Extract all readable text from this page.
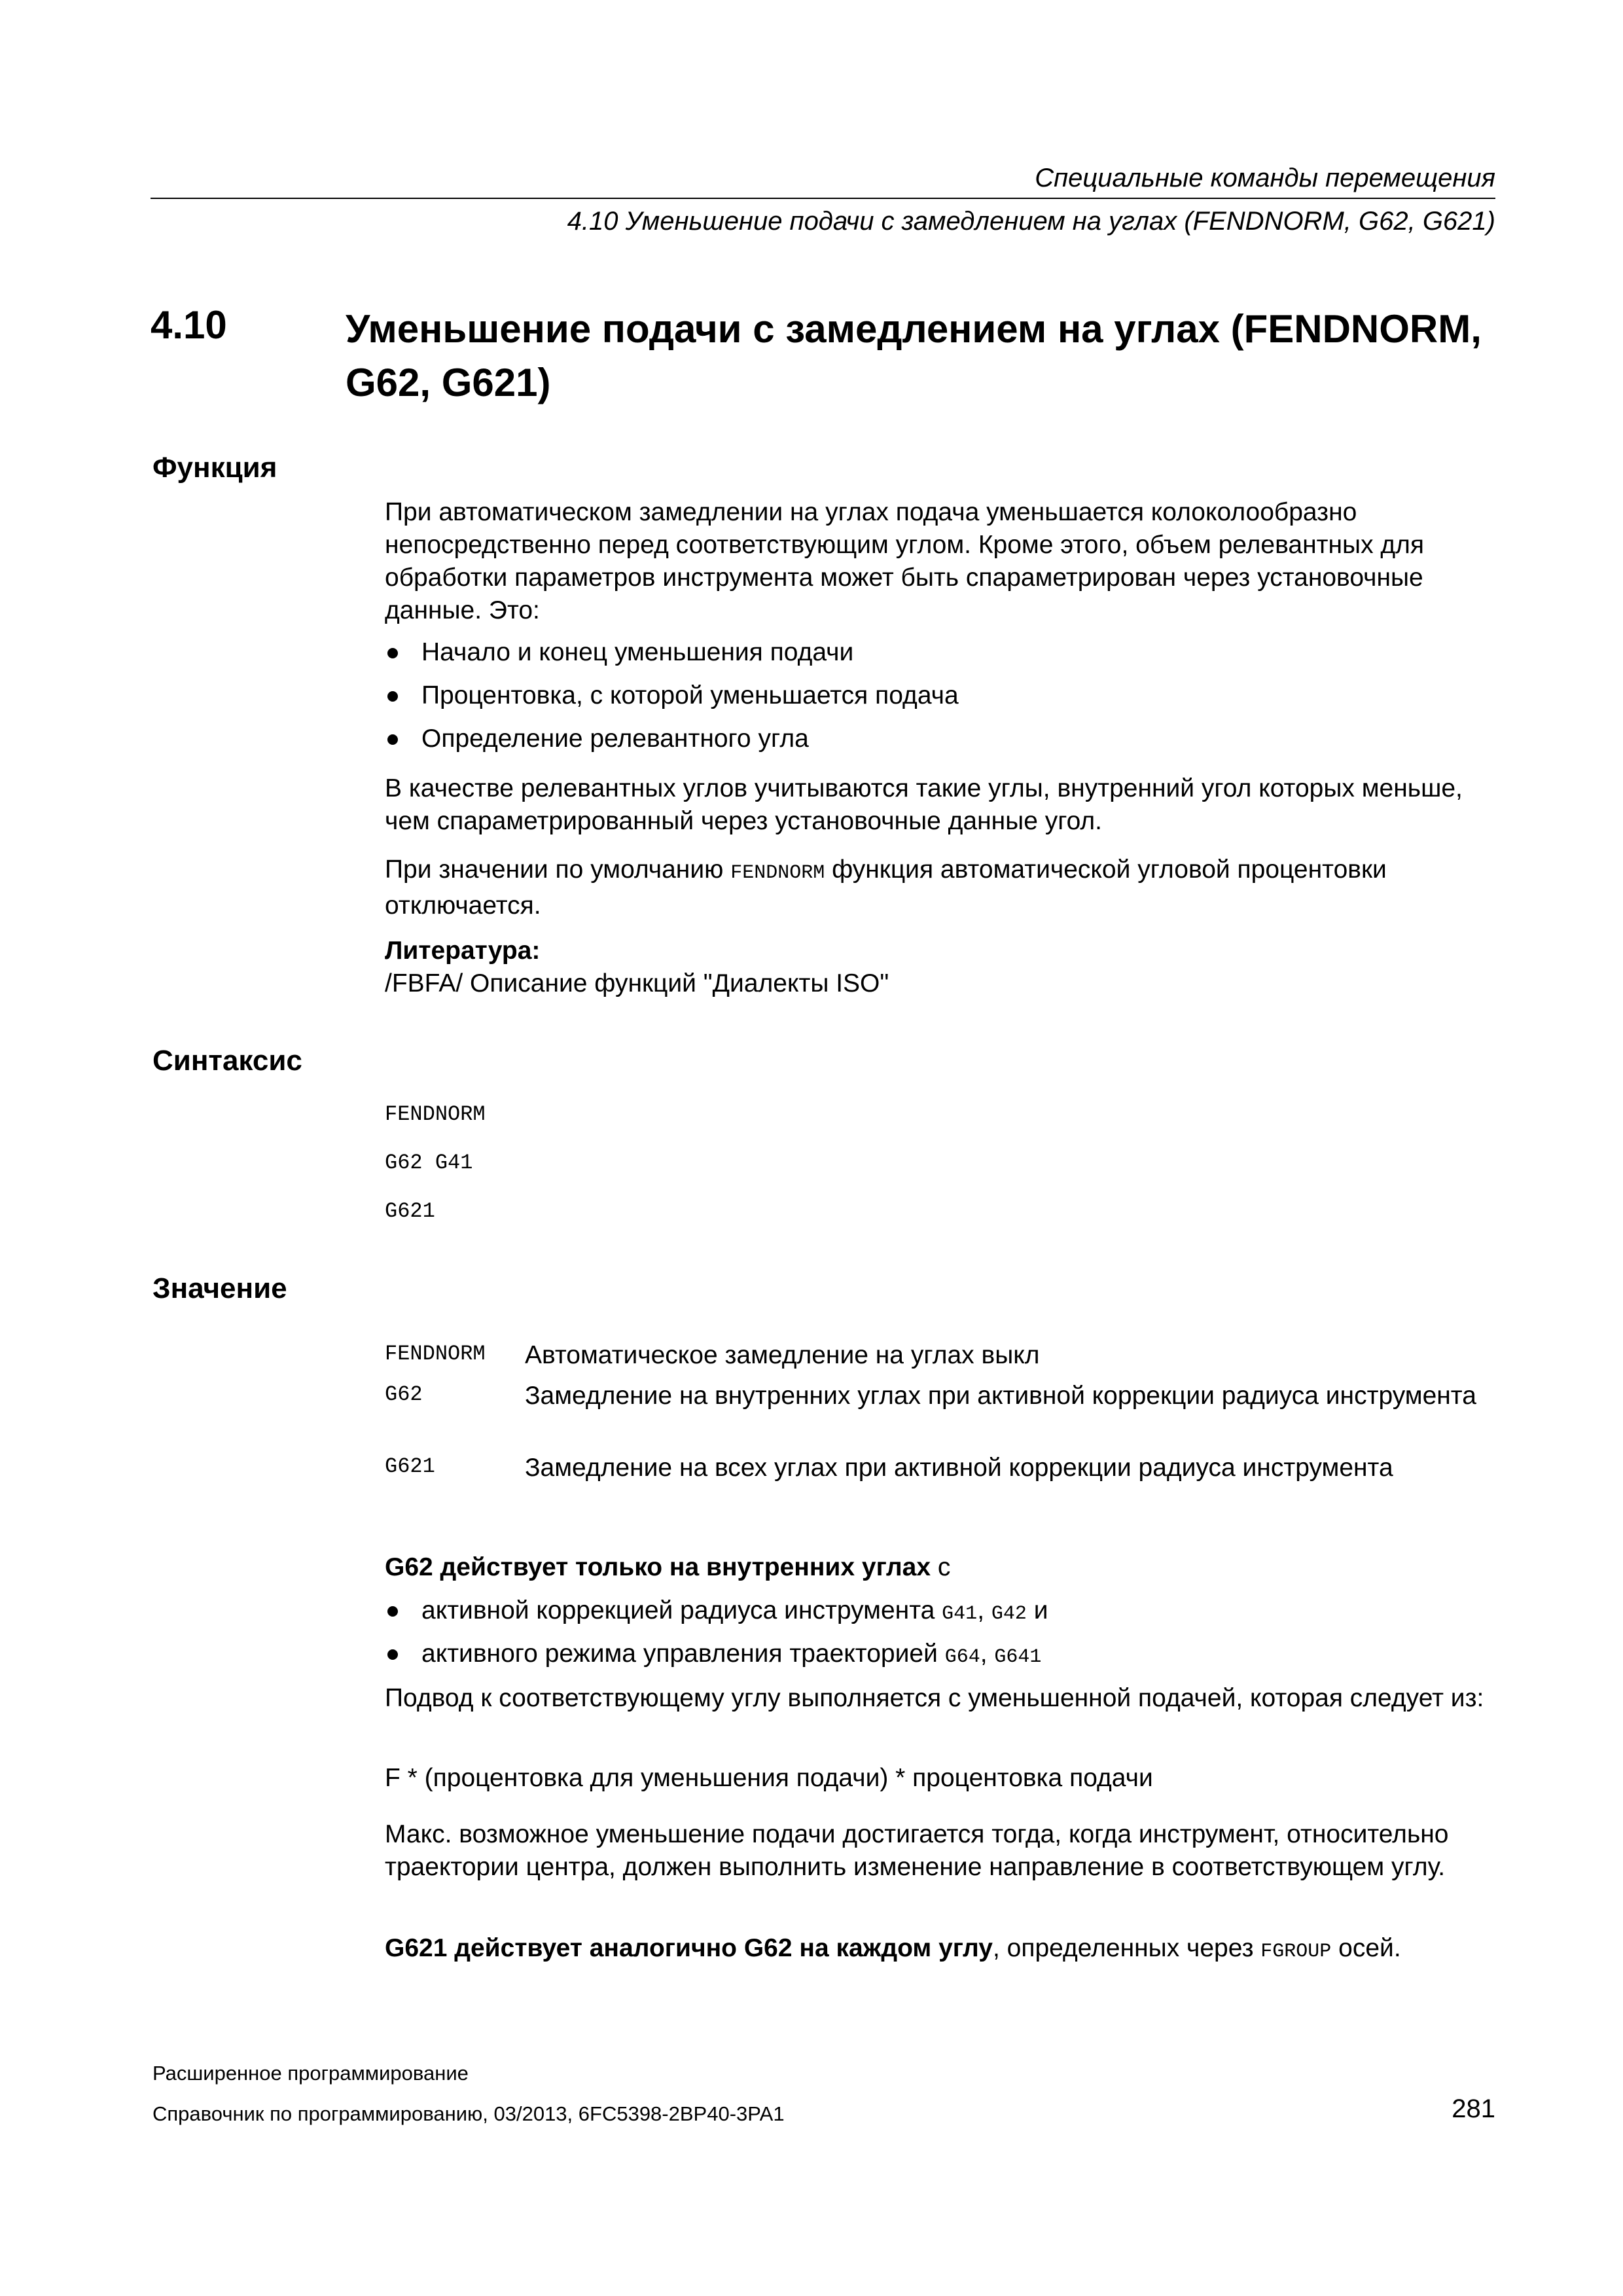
Специальные команды перемещения
4.10 Уменьшение подачи с замедлением на углах (FENDNORM, G62, G621)
4.10	Уменьшение подачи с замедлением на углах (FENDNORM, G62, G621)
Функция

При автоматическом замедлении на углах подача уменьшается колоколообразно непосредственно перед соответствующим углом. Кроме этого, объем релевантных для обработки параметров инструмента может быть спараметрирован через установочные данные. Это:

Начало и конец уменьшения подачи
Процентовка, с которой уменьшается подача
Определение релевантного угла

В качестве релевантных углов учитываются такие углы, внутренний угол которых меньше, чем спараметрированный через установочные данные угол.

При значении по умолчанию FENDNORM функция автоматической угловой процентовки отключается.

Литература:

/FBFA/ Описание функций "Диалекты ISO"

Синтаксис
FENDNORM
G62 G41
G621
Значение
FENDNORM Автоматическое замедление на углах выкл
G62	Замедление на внутренних углах при активной коррекции радиуса инструмента
G621	Замедление на всех углах при активной коррекции радиуса инструмента

G62 действует только на внутренних углах с

активной коррекцией радиуса инструмента G41, G42 и
активного режима управления траекторией G64, G641

Подвод к соответствующему углу выполняется с уменьшенной подачей, которая следует из:

F * (процентовка для уменьшения подачи) * процентовка подачи

Макс. возможное уменьшение подачи достигается тогда, когда инструмент, относительно траектории центра, должен выполнить изменение направление в соответствующем углу.

G621 действует аналогично G62 на каждом углу, определенных через FGROUP осей.

Расширенное программирование
Справочник по программированию, 03/2013, 6FC5398-2BP40-3PA1	281
